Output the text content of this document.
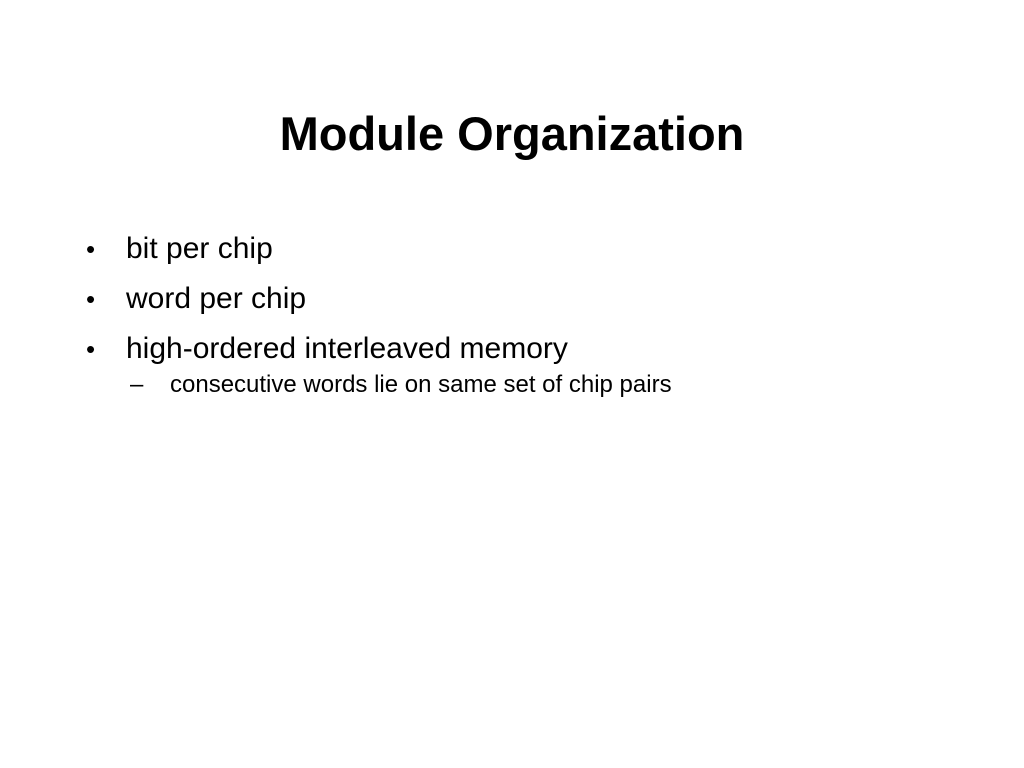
Module Organization
•	bit per chip
•	word per chip
•	high-ordered interleaved memory
–	consecutive words lie on same set of chip pairs
